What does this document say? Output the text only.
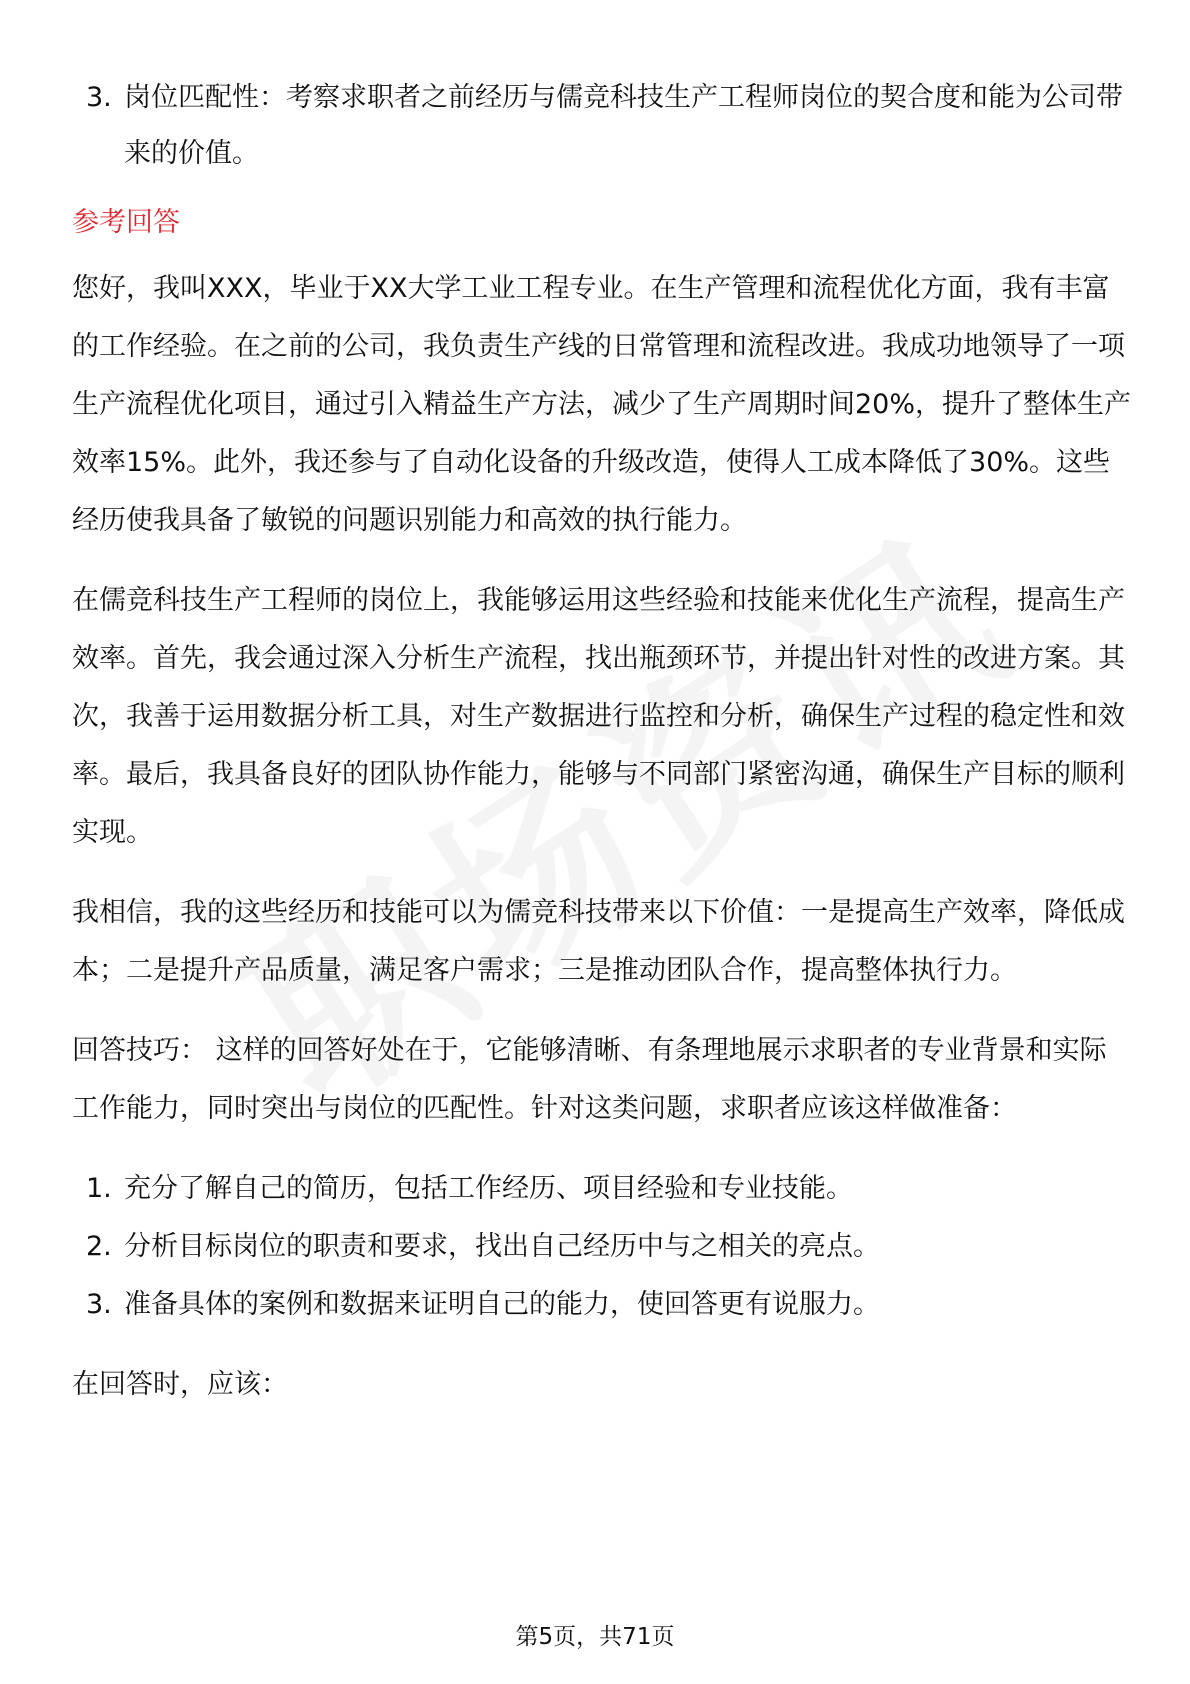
3. 岗位匹配性：考察求职者之前经历与儒竞科技生产工程师岗位的契合度和能为公司带来的价值。
参考回答
您好，我叫XXX，毕业于XX大学工业工程专业。在生产管理和流程优化方面，我有丰富的工作经验。在之前的公司，我负责生产线的日常管理和流程改进。我成功地领导了一项生产流程优化项目，通过引入精益生产方法，减少了生产周期时间20%，提升了整体生产效率15%。此外，我还参与了自动化设备的升级改造，使得人工成本降低了30%。这些经历使我具备了敏锐的问题识别能力和高效的执行能力。
在儒竞科技生产工程师的岗位上，我能够运用这些经验和技能来优化生产流程，提高生产效率。首先，我会通过深入分析生产流程，找出瓶颈环节，并提出针对性的改进方案。其次，我善于运用数据分析工具，对生产数据进行监控和分析，确保生产过程的稳定性和效率。最后，我具备良好的团队协作能力，能够与不同部门紧密沟通，确保生产目标的顺利实现。
我相信，我的这些经历和技能可以为儒竞科技带来以下价值：一是提高生产效率，降低成本；二是提升产品质量，满足客户需求；三是推动团队合作，提高整体执行力。
回答技巧： 这样的回答好处在于，它能够清晰、有条理地展示求职者的专业背景和实际工作能力，同时突出与岗位的匹配性。针对这类问题，求职者应该这样做准备：
1. 充分了解自己的简历，包括工作经历、项目经验和专业技能。
2. 分析目标岗位的职责和要求，找出自己经历中与之相关的亮点。
3. 准备具体的案例和数据来证明自己的能力，使回答更有说服力。
在回答时，应该：
第5页，共71页
